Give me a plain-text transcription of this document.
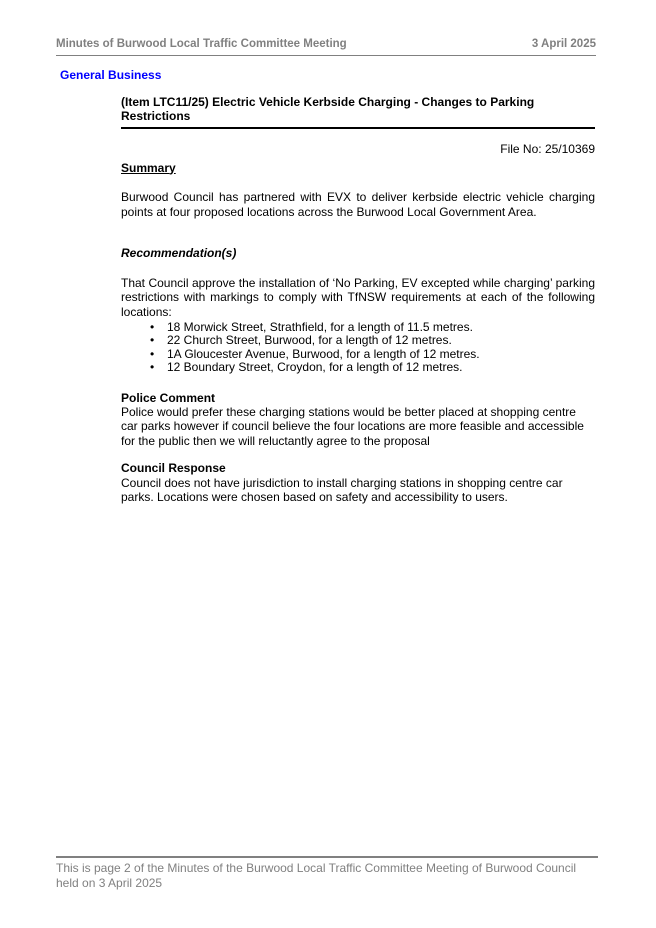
Minutes of Burwood Local Traffic Committee Meeting	3 April 2025
General Business
(Item LTC11/25) Electric Vehicle Kerbside Charging - Changes to Parking Restrictions
File No: 25/10369
Summary
Burwood Council has partnered with EVX to deliver kerbside electric vehicle charging points at four proposed locations across the Burwood Local Government Area.
Recommendation(s)
That Council approve the installation of ‘No Parking, EV excepted while charging’ parking restrictions with markings to comply with TfNSW requirements at each of the following locations:
•	18 Morwick Street, Strathfield, for a length of 11.5 metres.
•	22 Church Street, Burwood, for a length of 12 metres.
•	1A Gloucester Avenue, Burwood, for a length of 12 metres.
•	12 Boundary Street, Croydon, for a length of 12 metres.
Police Comment
Police would prefer these charging stations would be better placed at shopping centre car parks however if council believe the four locations are more feasible and accessible for the public then we will reluctantly agree to the proposal
Council Response
Council does not have jurisdiction to install charging stations in shopping centre car parks. Locations were chosen based on safety and accessibility to users.
This is page 2 of the Minutes of the Burwood Local Traffic Committee Meeting of Burwood Council held on 3 April 2025
